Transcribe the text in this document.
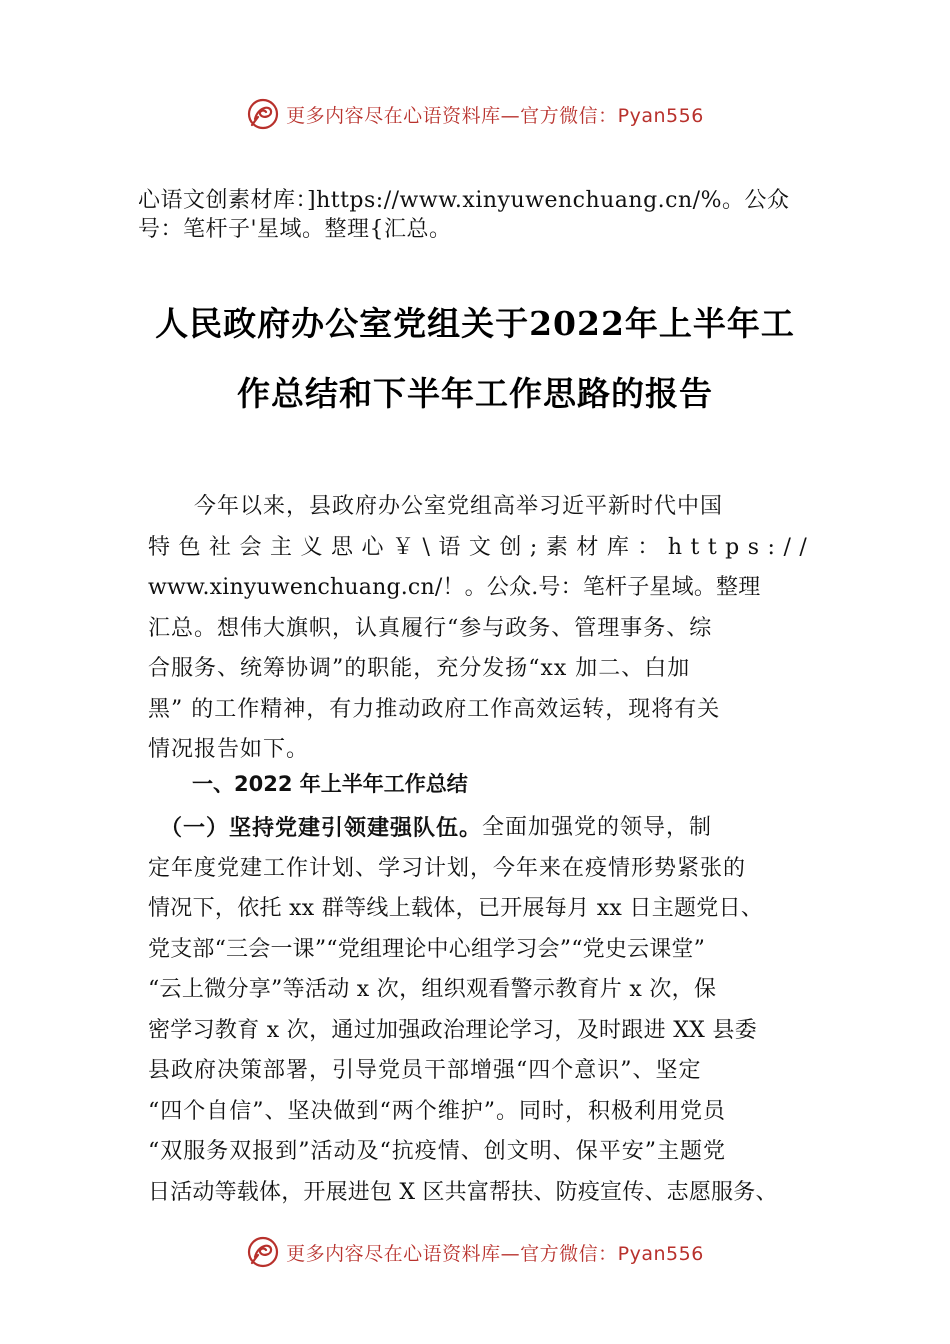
更多内容尽在心语资料库—官方微信：Pyan556
心语文创素材库：]https://www.xinyuwenchuang.cn/%。公众
号：笔杆子'星域。整理{汇总。
人民政府办公室党组关于2022年上半年工
作总结和下半年工作思路的报告
　　今年以来，县政府办公室党组高举习近平新时代中国
特色社会主义思心￥\语文创;素材库：https://
www.xinyuwenchuang.cn/！。公众.号：笔杆子星域。整理
汇总。想伟大旗帜，认真履行“参与政务、管理事务、综
合服务、统筹协调”的职能，充分发扬“xx 加二、白加
黑” 的工作精神，有力推动政府工作高效运转，现将有关
情况报告如下。
一、2022 年上半年工作总结
　（一）坚持党建引领建强队伍。 全面加强党的领导，制
定年度党建工作计划、学习计划，今年来在疫情形势紧张的
情况下，依托 xx 群等线上载体，已开展每月 xx 日主题党日、
党支部“三会一课”“党组理论中心组学习会”“党史云课堂”
“云上微分享”等活动 x 次，组织观看警示教育片 x 次，保
密学习教育 x 次，通过加强政治理论学习，及时跟进 XX 县委
县政府决策部署，引导党员干部增强“四个意识”、坚定
“四个自信”、坚决做到“两个维护”。同时，积极利用党员
“双服务双报到”活动及“抗疫情、创文明、保平安”主题党
日活动等载体，开展进包 X 区共富帮扶、防疫宣传、志愿服务、
更多内容尽在心语资料库—官方微信：Pyan556
